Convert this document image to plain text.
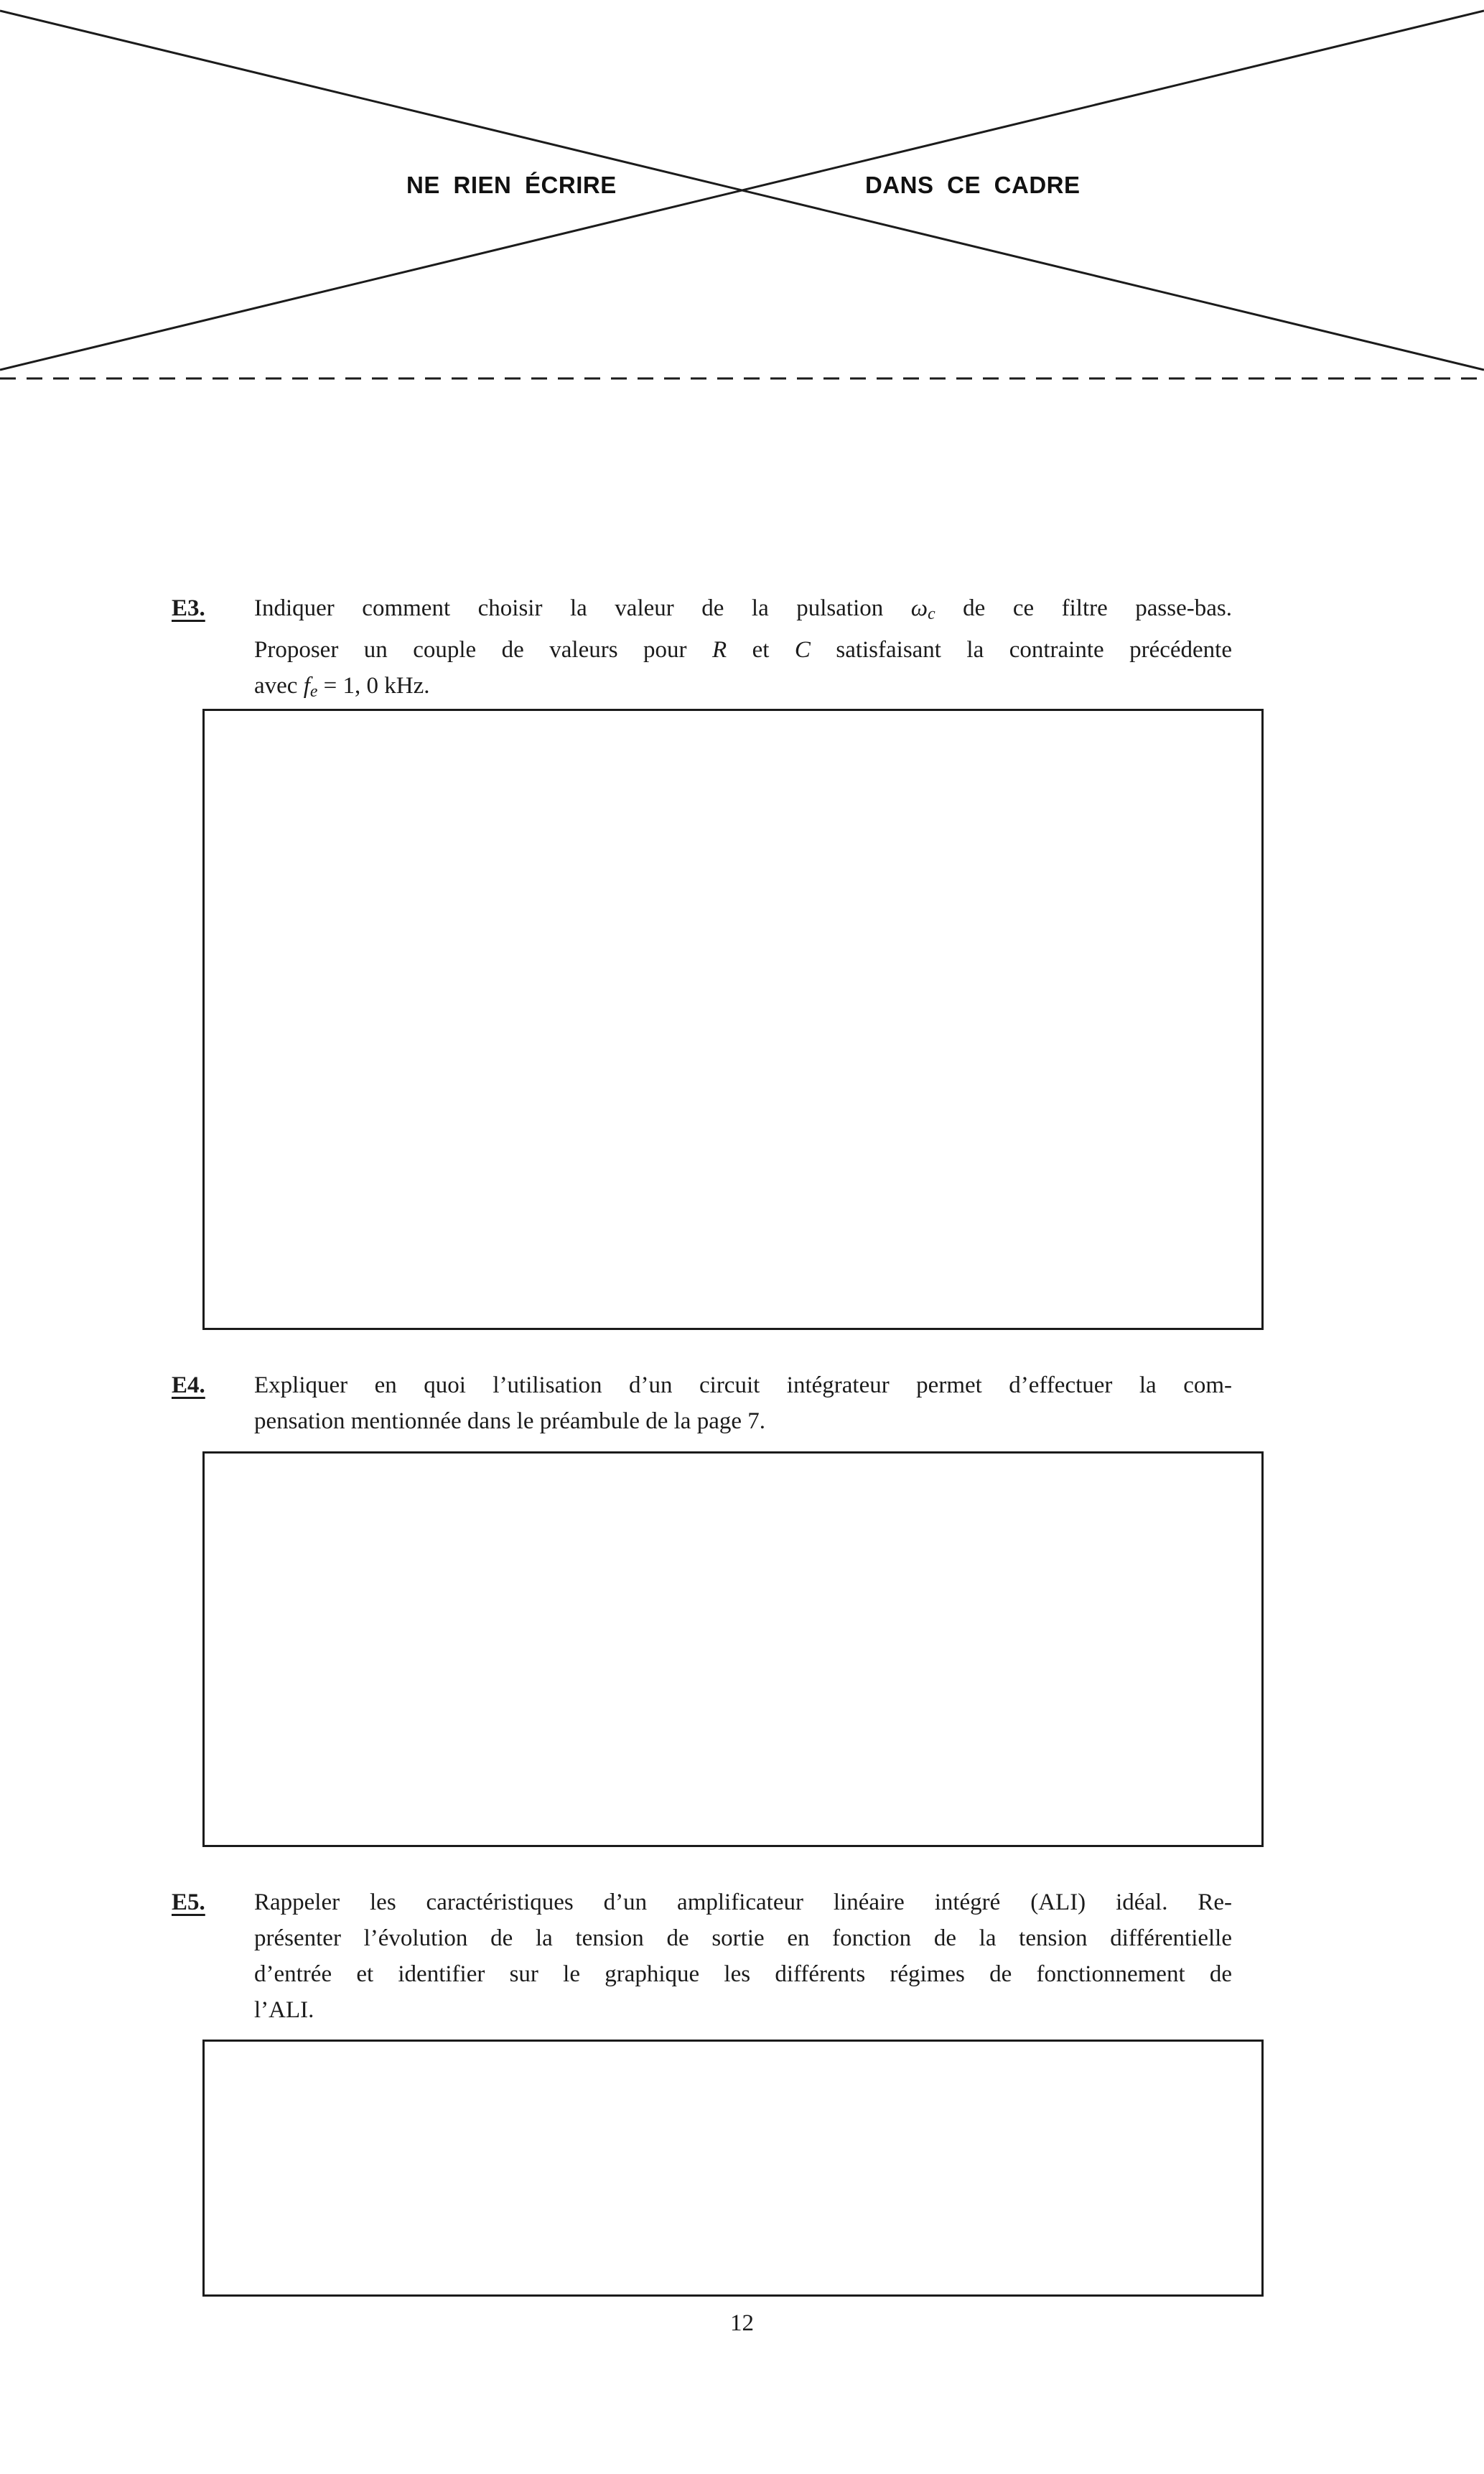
NE RIEN ÉCRIRE	DANS CE CADRE
E3. Indiquer comment choisir la valeur de la pulsation $\omega_c$ de ce filtre passe-bas.
Proposer un couple de valeurs pour R et C satisfaisant la contrainte précédente
avec $f_e = 1$, 0 kHz.
E4. Expliquer en quoi l’utilisation d’un circuit intégrateur permet d’effectuer la com-
pensation mentionnée dans le préambule de la page 7.
E5. Rappeler les caractéristiques d’un amplificateur linéaire intégré (ALI) idéal. Re-
présenter l’évolution de la tension de sortie en fonction de la tension différentielle
d’entrée et identifier sur le graphique les différents régimes de fonctionnement de
l’ALI.
12
